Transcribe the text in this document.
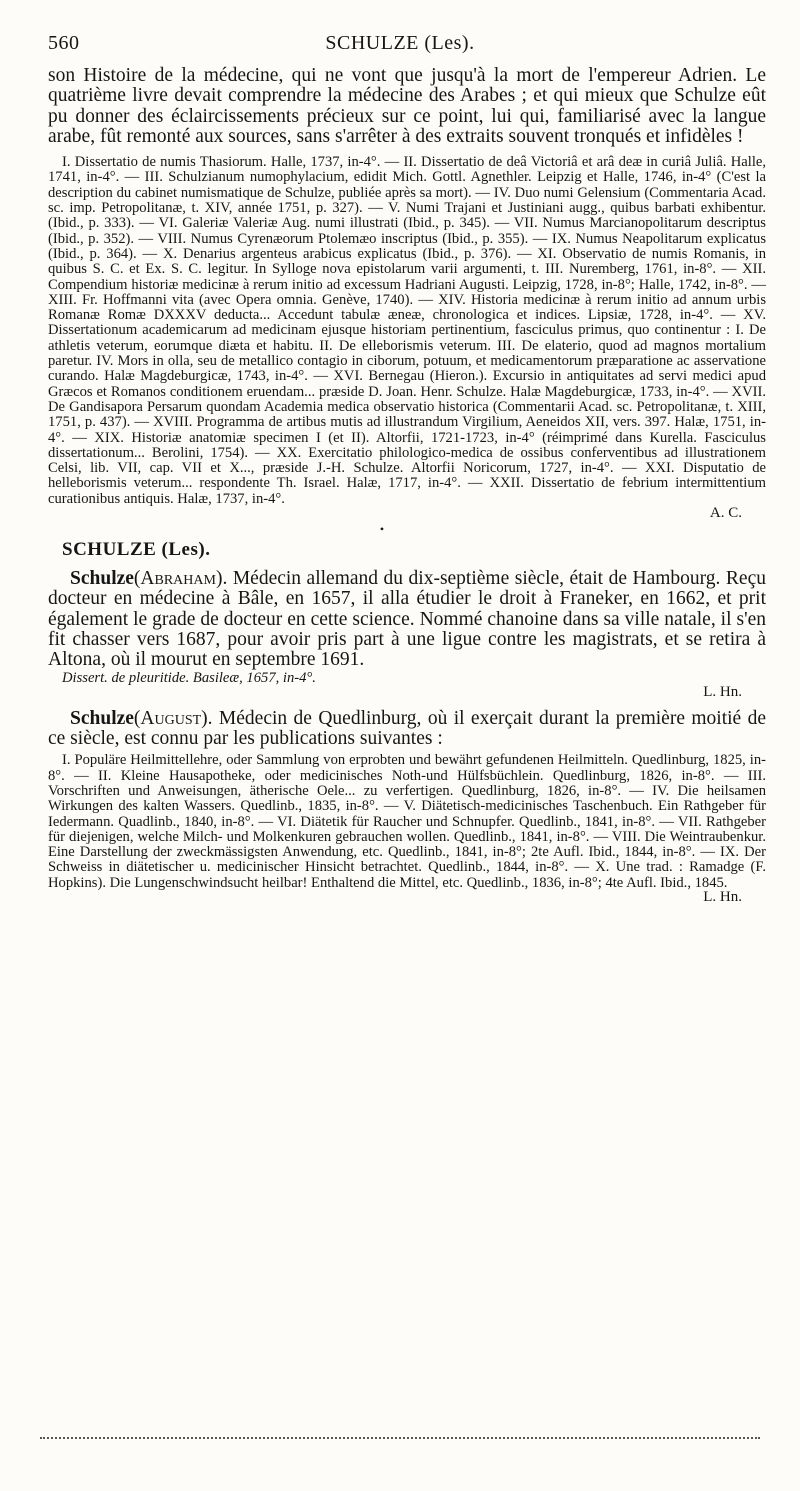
560	SCHULZE (Les).

son Histoire de la médecine, qui ne vont que jusqu'à la mort de l'empereur Adrien. Le quatrième livre devait comprendre la médecine des Arabes ; et qui mieux que Schulze eût pu donner des éclaircissements précieux sur ce point, lui qui, familiarisé avec la langue arabe, fût remonté aux sources, sans s'arrêter à des extraits souvent tronqués et infidèles !

I. Dissertatio de numis Thasiorum. Halle, 1737, in-4°. — II. Dissertatio de deâ Victoriâ et arâ deæ in curiâ Juliâ. Halle, 1741, in-4°. — III. Schulzianum numophylacium, edidit Mich. Gottl. Agnethler. Leipzig et Halle, 1746, in-4° (C'est la description du cabinet numismatique de Schulze, publiée après sa mort). — IV. Duo numi Gelensium (Commentaria Acad. sc. imp. Petropolitanæ, t. XIV, année 1751, p. 327). — V. Numi Trajani et Justiniani augg., quibus barbati exhibentur. (Ibid., p. 333). — VI. Galeriæ Valeriæ Aug. numi illustrati (Ibid., p. 345). — VII. Numus Marcianopolitarum descriptus (Ibid., p. 352). — VIII. Numus Cyrenæorum Ptolemæo inscriptus (Ibid., p. 355). — IX. Numus Neapolitarum explicatus (Ibid., p. 364). — X. Denarius argenteus arabicus explicatus (Ibid., p. 376). — XI. Observatio de numis Romanis, in quibus S. C. et Ex. S. C. legitur. In Sylloge nova epistolarum varii argumenti, t. III. Nuremberg, 1761, in-8°. — XII. Compendium historiæ medicinæ à rerum initio ad excessum Hadriani Augusti. Leipzig, 1728, in-8°; Halle, 1742, in-8°. — XIII. Fr. Hoffmanni vita (avec Opera omnia. Genève, 1740). — XIV. Historia medicinæ à rerum initio ad annum urbis Romanæ Romæ DXXXV deducta... Accedunt tabulæ æneæ, chronologica et indices. Lipsiæ, 1728, in-4°. — XV. Dissertationum academicarum ad medicinam ejusque historiam pertinentium, fasciculus primus, quo continentur : I. De athletis veterum, eorumque diæta et habitu. II. De elleborismis veterum. III. De elaterio, quod ad magnos mortalium paretur. IV. Mors in olla, seu de metallico contagio in ciborum, potuum, et medicamentorum præparatione ac asservatione curando. Halæ Magdeburgicæ, 1743, in-4°. — XVI. Bernegau (Hieron.). Excursio in antiquitates ad servi medici apud Græcos et Romanos conditionem eruendam... præside D. Joan. Henr. Schulze. Halæ Magdeburgicæ, 1733, in-4°. — XVII. De Gandisapora Persarum quondam Academia medica observatio historica (Commentarii Acad. sc. Petropolitanæ, t. XIII, 1751, p. 437). — XVIII. Programma de artibus mutis ad illustrandum Virgilium, Aeneidos XII, vers. 397. Halæ, 1751, in-4°. — XIX. Historiæ anatomiæ specimen I (et II). Altorfii, 1721-1723, in-4° (réimprimé dans Kurella. Fasciculus dissertationum... Berolini, 1754). — XX. Exercitatio philologico-medica de ossibus conferventibus ad illustrationem Celsi, lib. VII, cap. VII et X..., præside J.-H. Schulze. Altorfii Noricorum, 1727, in-4°. — XXI. Disputatio de helleborismis veterum... respondente Th. Israel. Halæ, 1717, in-4°. — XXII. Dissertatio de febrium intermittentium curationibus antiquis. Halæ, 1737, in-4°.

A. C.
•
SCHULZE (Les).

Schulze(Abraham). Médecin allemand du dix-septième siècle, était de Hambourg. Reçu docteur en médecine à Bâle, en 1657, il alla étudier le droit à Franeker, en 1662, et prit également le grade de docteur en cette science. Nommé chanoine dans sa ville natale, il s'en fit chasser vers 1687, pour avoir pris part à une ligue contre les magistrats, et se retira à Altona, où il mourut en septembre 1691.

Dissert. de pleuritide. Basileæ, 1657, in-4°.

L. Hn.

Schulze(August). Médecin de Quedlinburg, où il exerçait durant la première moitié de ce siècle, est connu par les publications suivantes :

I. Populäre Heilmittellehre, oder Sammlung von erprobten und bewährt gefundenen Heilmitteln. Quedlinburg, 1825, in-8°. — II. Kleine Hausapotheke, oder medicinisches Noth-und Hülfsbüchlein. Quedlinburg, 1826, in-8°. — III. Vorschriften und Anweisungen, ätherische Oele... zu verfertigen. Quedlinburg, 1826, in-8°. — IV. Die heilsamen Wirkungen des kalten Wassers. Quedlinb., 1835, in-8°. — V. Diätetisch-medicinisches Taschenbuch. Ein Rathgeber für Iedermann. Quadlinb., 1840, in-8°. — VI. Diätetik für Raucher und Schnupfer. Quedlinb., 1841, in-8°. — VII. Rathgeber für diejenigen, welche Milch- und Molkenkuren gebrauchen wollen. Quedlinb., 1841, in-8°. — VIII. Die Weintraubenkur. Eine Darstellung der zweckmässigsten Anwendung, etc. Quedlinb., 1841, in-8°; 2te Aufl. Ibid., 1844, in-8°. — IX. Der Schweiss in diätetischer u. medicinischer Hinsicht betrachtet. Quedlinb., 1844, in-8°. — X. Une trad. : Ramadge (F. Hopkins). Die Lungenschwindsucht heilbar! Enthaltend die Mittel, etc. Quedlinb., 1836, in-8°; 4te Aufl. Ibid., 1845.

L. Hn.
